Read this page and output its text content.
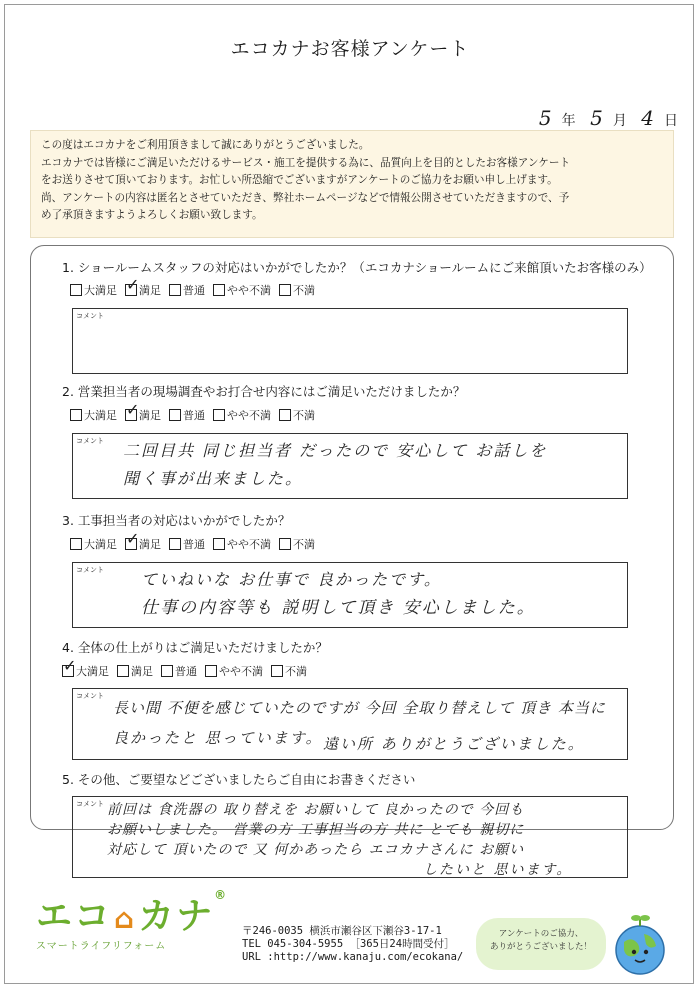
エコカナお客様アンケート
5 年 5 月 4 日
この度はエコカナをご利用頂きまして誠にありがとうございました。
エコカナでは皆様にご満足いただけるサービス・施工を提供する為に、品質向上を目的としたお客様アンケート
をお送りさせて頂いております。お忙しい所恐縮でございますがアンケートのご協力をお願い申し上げます。
尚、アンケートの内容は匿名とさせていただき、弊社ホームページなどで情報公開させていただきますので、予
め了承頂きますようよろしくお願い致します。
1. ショールームスタッフの対応はいかがでしたか？（エコカナショールームにご来館頂いたお客様のみ）
大満足 ✓ 満足 普通 やや不満 不満
コメント
2. 営業担当者の現場調査やお打合せ内容にはご満足いただけましたか？
大満足 ✓ 満足 普通 やや不満 不満
コメント 二回目共 同じ担当者 だったので 安心して お話しを
聞く事が出来ました。
3. 工事担当者の対応はいかがでしたか？
大満足 ✓ 満足 普通 やや不満 不満
コメント ていねいな お仕事で 良かったです。
仕事の内容等も 説明して頂き 安心しました。
4. 全体の仕上がりはご満足いただけましたか？
✓ 大満足 満足 普通 やや不満 不満
コメント
長い間 不便を感じていたのですが 今回 全取り替えして 頂き 本当に
良かったと 思っています。 遠い所 ありがとうございました。
5. その他、ご要望などございましたらご自由にお書きください
コメント 前回は 食洗器の 取り替えを お願いして 良かったので 今回も
お願いしました。 営業の方 工事担当の方 共に とても 親切に
対応して 頂いたので 又 何かあったら エコカナさんに お願い
したいと 思います。
エコ⌂カナ®
スマートライフリフォーム
〒246-0035 横浜市瀬谷区下瀬谷3-17-1
TEL 045-304-5955 ［365日24時間受付］
URL :http://www.kanaju.com/ecokana/
アンケートのご協力、
ありがとうございました！
